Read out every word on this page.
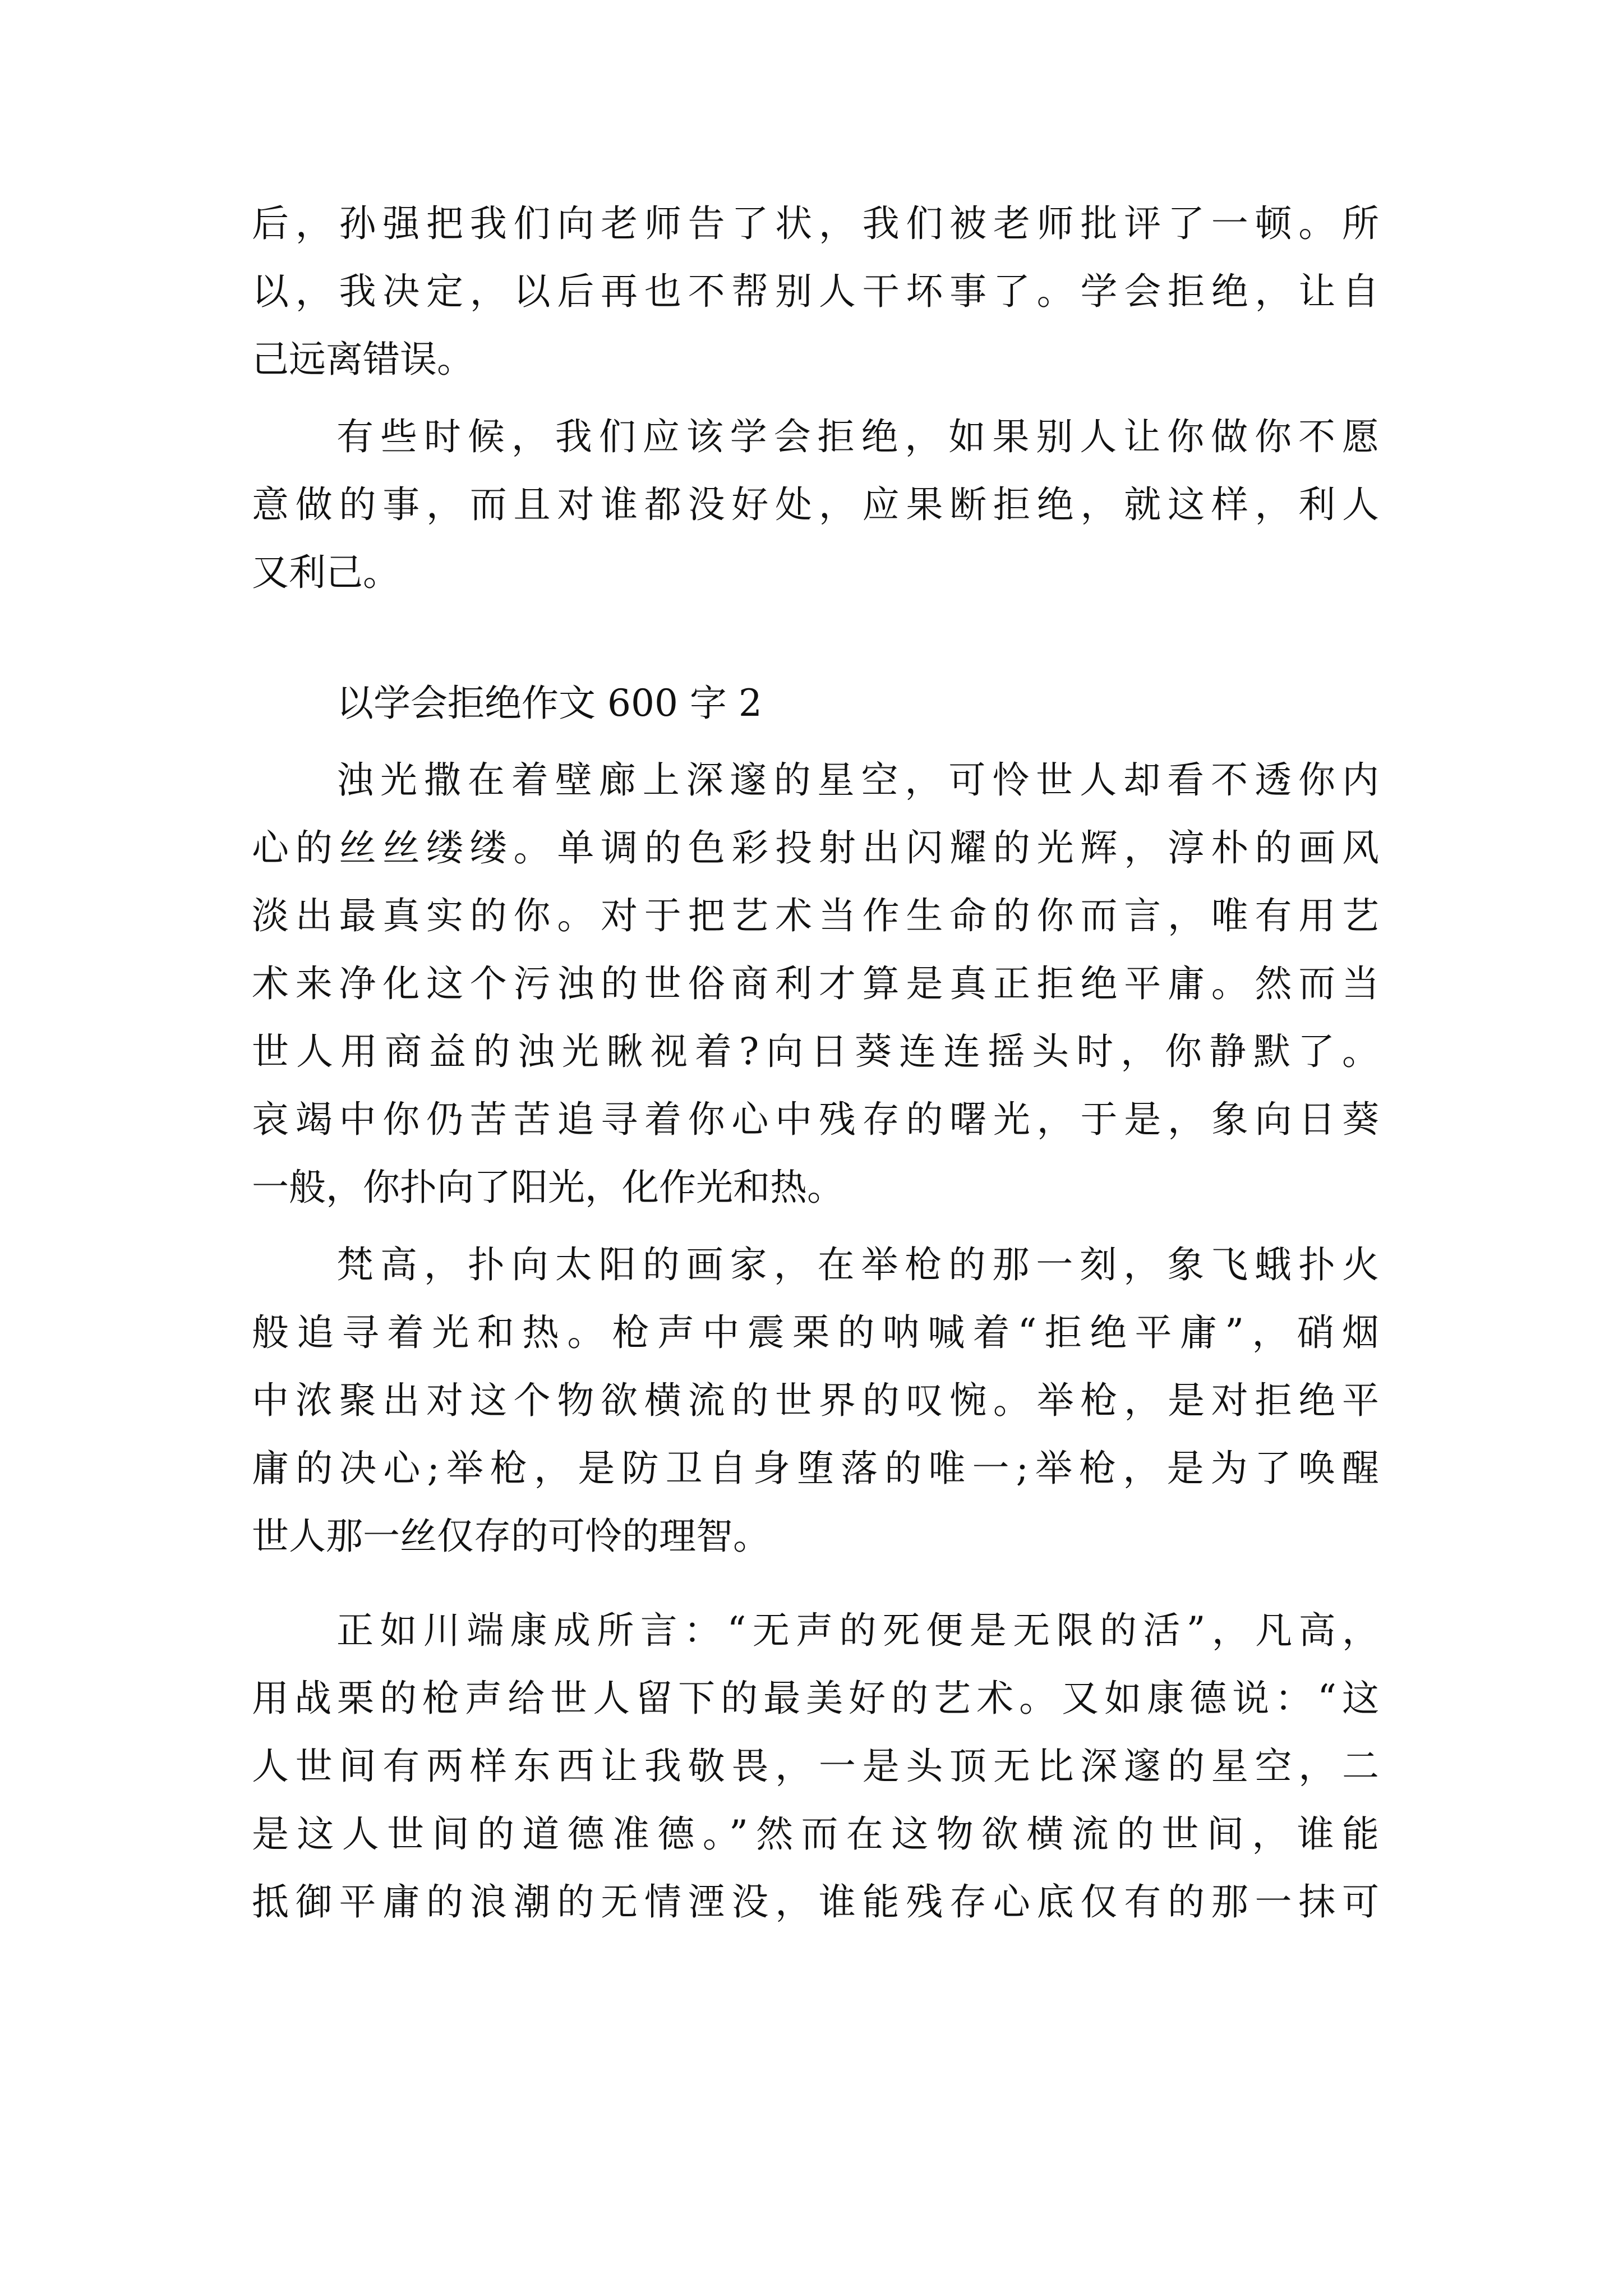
后，孙强把我们向老师告了状，我们被老师批评了一顿。所
以，我决定，以后再也不帮别人干坏事了。学会拒绝，让自
己远离错误。
有些时候，我们应该学会拒绝，如果别人让你做你不愿
意做的事，而且对谁都没好处，应果断拒绝，就这样，利人
又利己。
以学会拒绝作文 600 字 2
浊光撒在着壁廊上深邃的星空，可怜世人却看不透你内
心的丝丝缕缕。单调的色彩投射出闪耀的光辉，淳朴的画风
淡出最真实的你。对于把艺术当作生命的你而言，唯有用艺
术来净化这个污浊的世俗商利才算是真正拒绝平庸。然而当
世人用商益的浊光瞅视着?向日葵连连摇头时，你静默了。
哀竭中你仍苦苦追寻着你心中残存的曙光，于是，象向日葵
一般，你扑向了阳光，化作光和热。
梵高，扑向太阳的画家，在举枪的那一刻，象飞蛾扑火
般追寻着光和热。枪声中震栗的呐喊着“拒绝平庸”，硝烟
中浓聚出对这个物欲横流的世界的叹惋。举枪，是对拒绝平
庸的决心;举枪，是防卫自身堕落的唯一;举枪，是为了唤醒
世人那一丝仅存的可怜的理智。
正如川端康成所言：“无声的死便是无限的活”，凡高，
用战栗的枪声给世人留下的最美好的艺术。又如康德说：“这
人世间有两样东西让我敬畏，一是头顶无比深邃的星空，二
是这人世间的道德准德。”然而在这物欲横流的世间，谁能
抵御平庸的浪潮的无情湮没，谁能残存心底仅有的那一抹可
